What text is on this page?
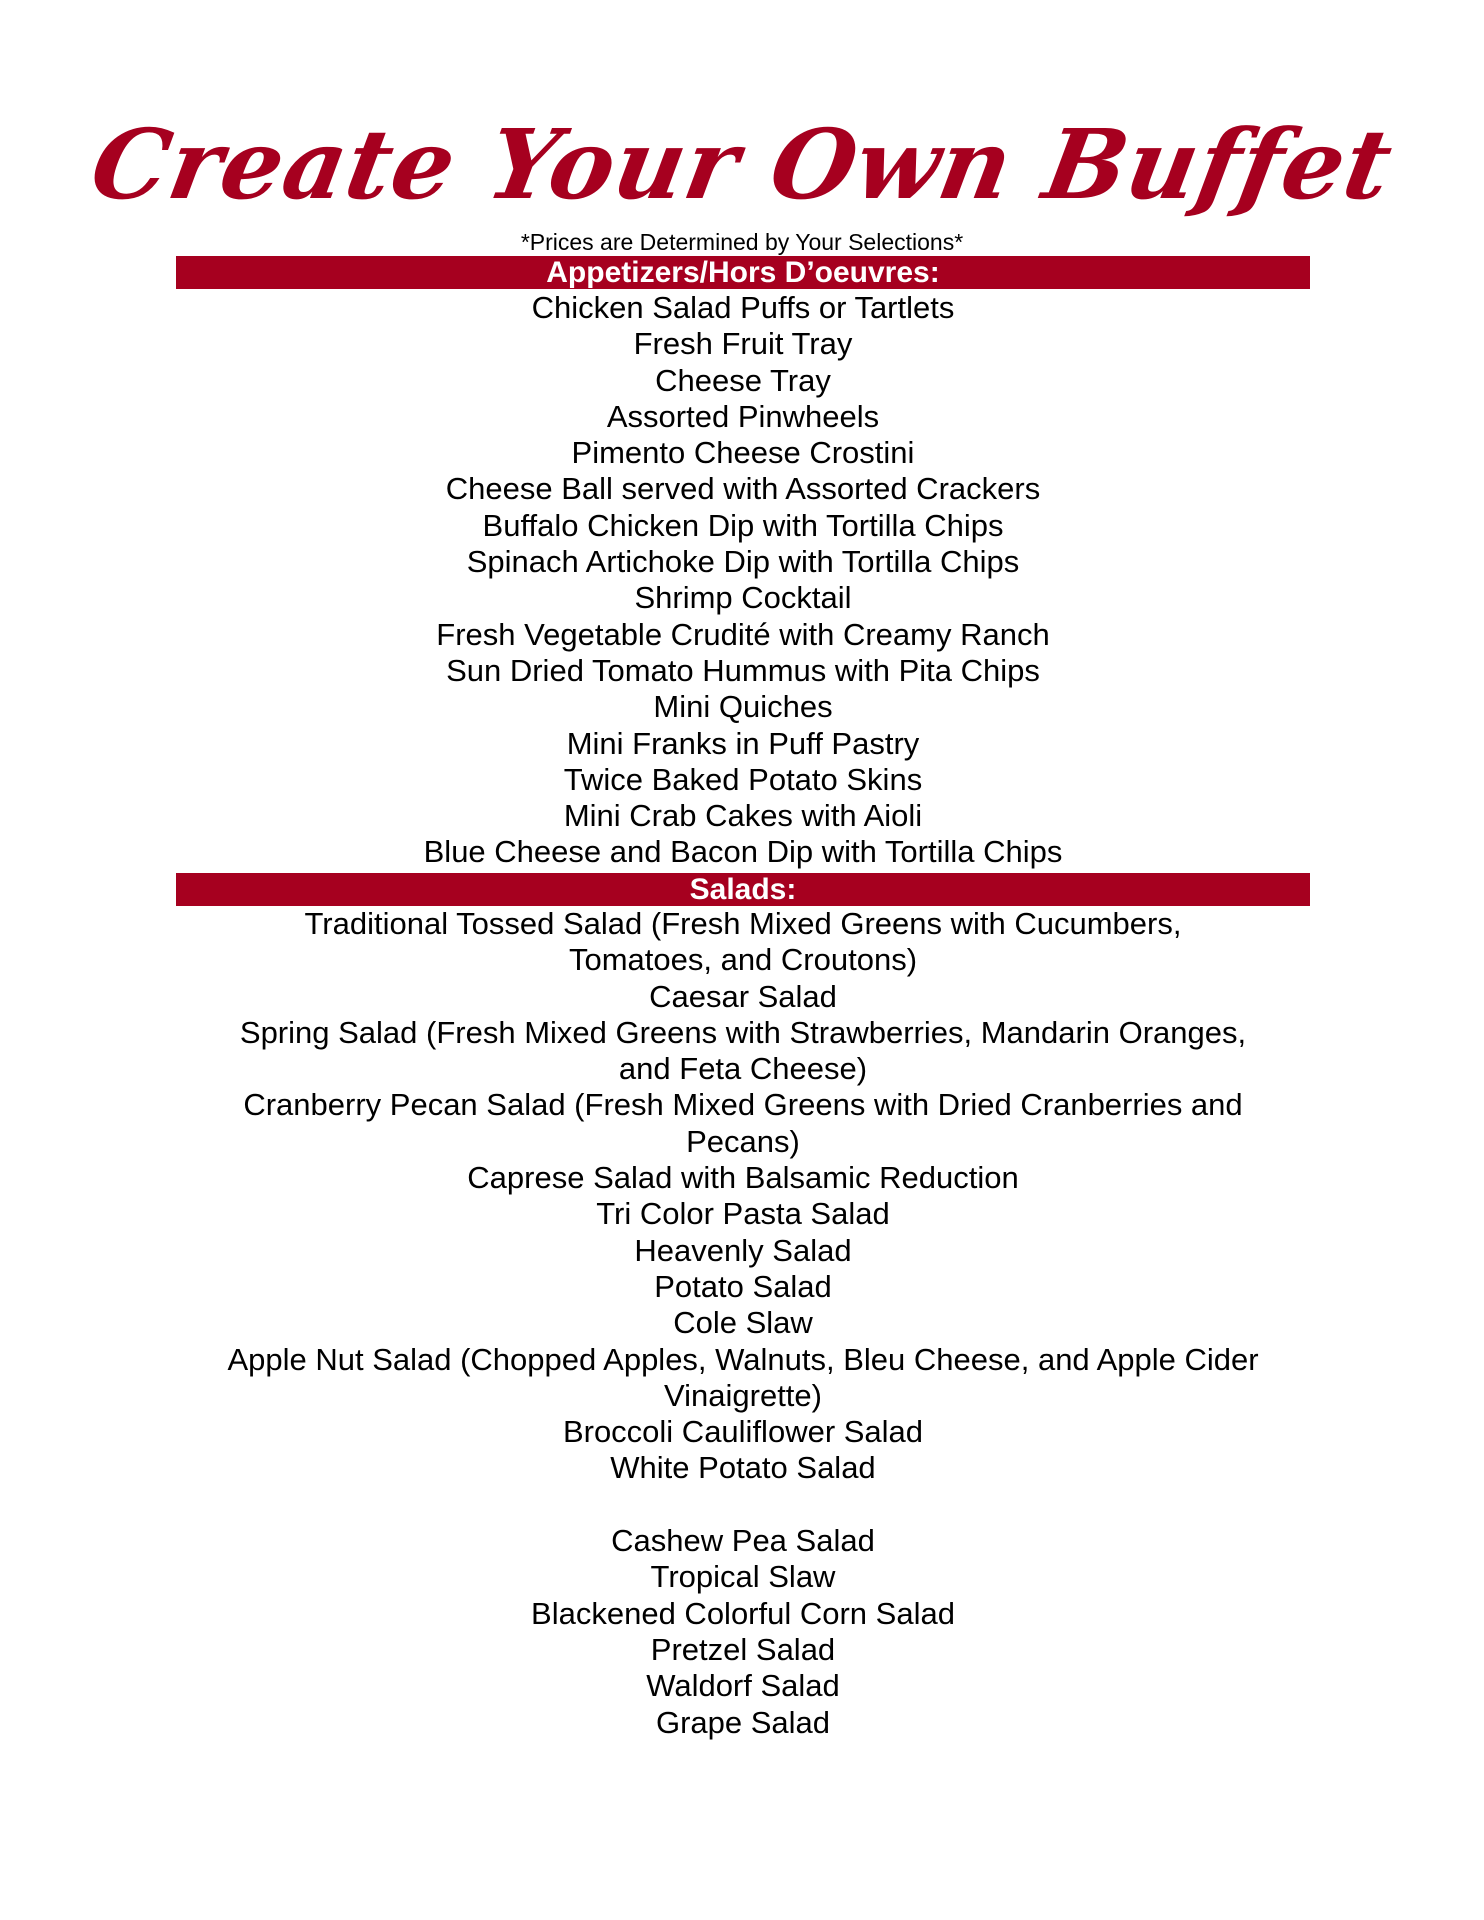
Create Your Own Buffet
*Prices are Determined by Your Selections*
Appetizers/Hors D’oeuvres:
Chicken Salad Puffs or Tartlets
Fresh Fruit Tray
Cheese Tray
Assorted Pinwheels
Pimento Cheese Crostini
Cheese Ball served with Assorted Crackers
Buffalo Chicken Dip with Tortilla Chips
Spinach Artichoke Dip with Tortilla Chips
Shrimp Cocktail
Fresh Vegetable Crudité with Creamy Ranch
Sun Dried Tomato Hummus with Pita Chips
Mini Quiches
Mini Franks in Puff Pastry
Twice Baked Potato Skins
Mini Crab Cakes with Aioli
Blue Cheese and Bacon Dip with Tortilla Chips
Salads:
Traditional Tossed Salad (Fresh Mixed Greens with Cucumbers,
Tomatoes, and Croutons)
Caesar Salad
Spring Salad (Fresh Mixed Greens with Strawberries, Mandarin Oranges,
and Feta Cheese)
Cranberry Pecan Salad (Fresh Mixed Greens with Dried Cranberries and
Pecans)
Caprese Salad with Balsamic Reduction
Tri Color Pasta Salad
Heavenly Salad
Potato Salad
Cole Slaw
Apple Nut Salad (Chopped Apples, Walnuts, Bleu Cheese, and Apple Cider
Vinaigrette)
Broccoli Cauliflower Salad
White Potato Salad
Cashew Pea Salad
Tropical Slaw
Blackened Colorful Corn Salad
Pretzel Salad
Waldorf Salad
Grape Salad
